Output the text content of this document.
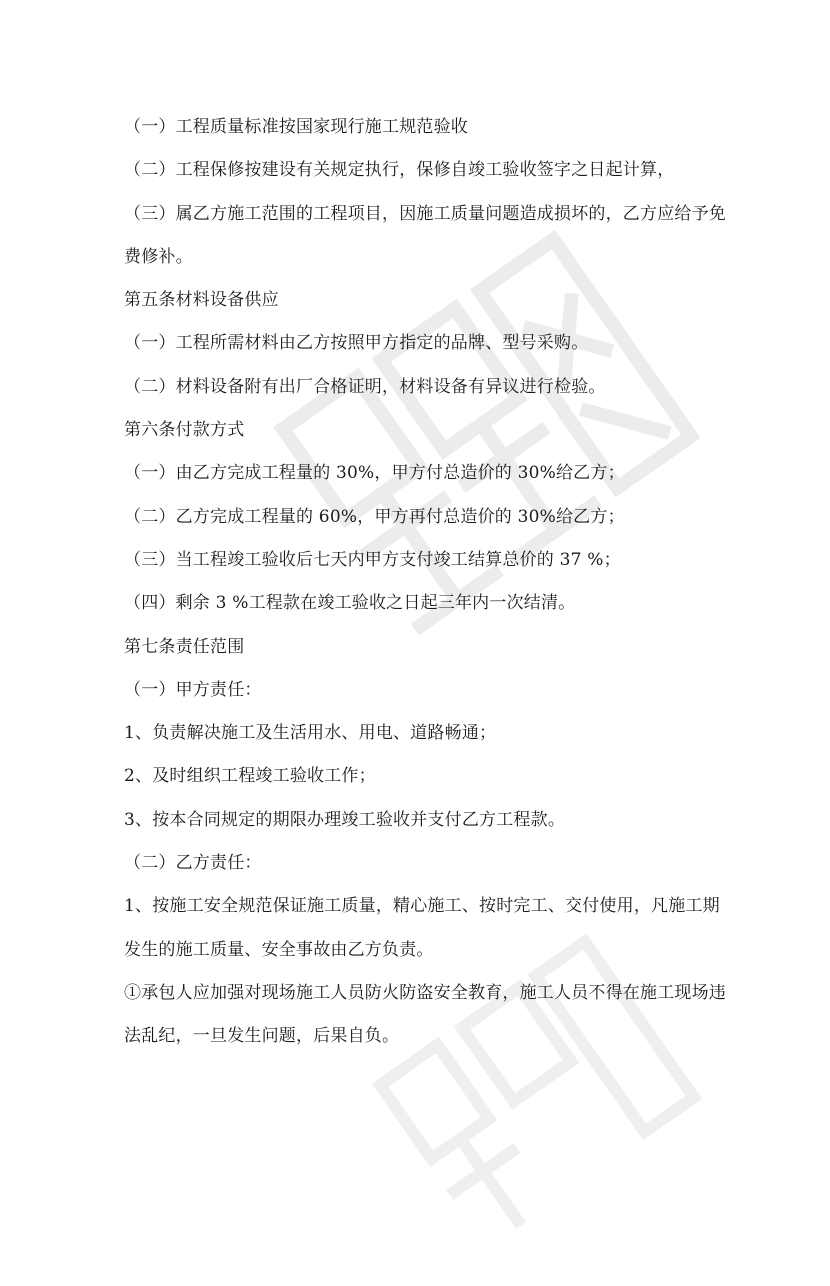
（一）工程质量标准按国家现行施工规范验收
（二）工程保修按建设有关规定执行，保修自竣工验收签字之日起计算，
（三）属乙方施工范围的工程项目，因施工质量问题造成损坏的，乙方应给予免
费修补。
第五条材料设备供应
（一）工程所需材料由乙方按照甲方指定的品牌、型号采购。
（二）材料设备附有出厂合格证明，材料设备有异议进行检验。
第六条付款方式
（一）由乙方完成工程量的 30%，甲方付总造价的 30%给乙方；
（二）乙方完成工程量的 60%，甲方再付总造价的 30%给乙方；
（三）当工程竣工验收后七天内甲方支付竣工结算总价的 37 %；
（四）剩余 3 %工程款在竣工验收之日起三年内一次结清。
第七条责任范围
（一）甲方责任：
1、负责解决施工及生活用水、用电、道路畅通；
2、及时组织工程竣工验收工作；
3、按本合同规定的期限办理竣工验收并支付乙方工程款。
（二）乙方责任：
1、按施工安全规范保证施工质量，精心施工、按时完工、交付使用，凡施工期
发生的施工质量、安全事故由乙方负责。
①承包人应加强对现场施工人员防火防盗安全教育，施工人员不得在施工现场违
法乱纪，一旦发生问题，后果自负。
